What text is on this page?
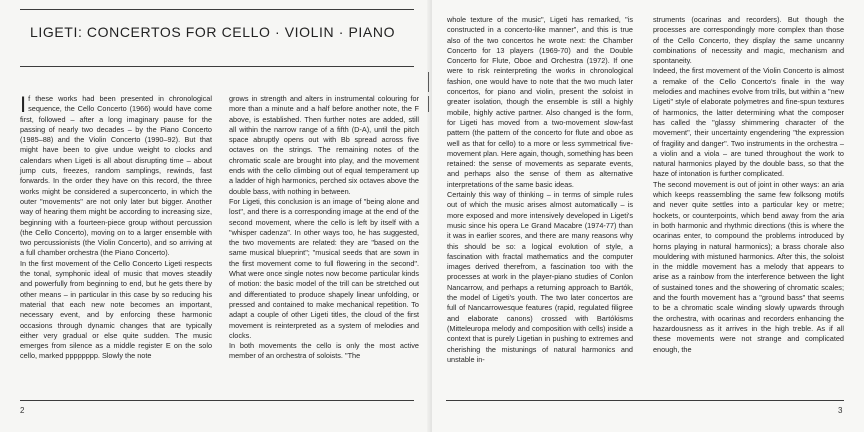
LIGETI: CONCERTOS FOR CELLO · VIOLIN · PIANO

If these works had been presented in chronological sequence, the Cello Concerto (1966) would have come first, followed – after a long imaginary pause for the passing of nearly two decades – by the Piano Concerto (1985–88) and the Violin Concerto (1990–92). But that might have been to give undue weight to clocks and calendars when Ligeti is all about disrupting time – about jump cuts, freezes, random samplings, rewinds, fast forwards. In the order they have on this record, the three works might be considered a superconcerto, in which the outer "movements" are not only later but bigger. Another way of hearing them might be according to increasing size, beginning with a fourteen-piece group without percussion (the Cello Concerto), moving on to a larger ensemble with two percussionists (the Violin Concerto), and so arriving at a full chamber orchestra (the Piano Concerto).

In the first movement of the Cello Concerto Ligeti respects the tonal, symphonic ideal of music that moves steadily and powerfully from beginning to end, but he gets there by other means – in particular in this case by so reducing his material that each new note becomes an important, necessary event, and by enforcing these harmonic occasions through dynamic changes that are typically either very gradual or else quite sudden. The music emerges from silence as a middle register E on the solo cello, marked pppppppp. Slowly the note

grows in strength and alters in instrumental colouring for more than a minute and a half before another note, the F above, is established. Then further notes are added, still all within the narrow range of a fifth (D-A), until the pitch space abruptly opens out with Bb spread across five octaves on the strings. The remaining notes of the chromatic scale are brought into play, and the movement ends with the cello climbing out of equal temperament up a ladder of high harmonics, perched six octaves above the double bass, with nothing in between.

For Ligeti, this conclusion is an image of "being alone and lost", and there is a corresponding image at the end of the second movement, where the cello is left by itself with a "whisper cadenza". In other ways too, he has suggested, the two movements are related: they are "based on the same musical blueprint"; "musical seeds that are sown in the first movement come to full flowering in the second". What were once single notes now become particular kinds of motion: the basic model of the trill can be stretched out and differentiated to produce shapely linear unfolding, or pressed and contained to make mechanical repetition. To adapt a couple of other Ligeti titles, the cloud of the first movement is reinterpreted as a system of melodies and clocks.

In both movements the cello is only the most active member of an orchestra of soloists. "The

2

whole texture of the music", Ligeti has remarked, "is constructed in a concerto-like manner", and this is true also of the two concertos he wrote next: the Chamber Concerto for 13 players (1969-70) and the Double Concerto for Flute, Oboe and Orchestra (1972). If one were to risk reinterpreting the works in chronological fashion, one would have to note that the two much later concertos, for piano and violin, present the soloist in greater isolation, though the ensemble is still a highly mobile, highly active partner. Also changed is the form, for Ligeti has moved from a two-movement slow-fast pattern (the pattern of the concerto for flute and oboe as well as that for cello) to a more or less symmetrical five-movement plan. Here again, though, something has been retained: the sense of movements as separate events, and perhaps also the sense of them as alternative interpretations of the same basic ideas.

Certainly this way of thinking – in terms of simple rules out of which the music arises almost automatically – is more exposed and more intensively developed in Ligeti's music since his opera Le Grand Macabre (1974-77) than it was in earlier scores, and there are many reasons why this should be so: a logical evolution of style, a fascination with fractal mathematics and the computer images derived therefrom, a fascination too with the processes at work in the player-piano studies of Conlon Nancarrow, and perhaps a returning approach to Bartók, the model of Ligeti's youth. The two later concertos are full of Nancarrowesque features (rapid, regulated filigree and elaborate canons) crossed with Bartókisms (Mitteleuropa melody and composition with cells) inside a context that is purely Ligetian in pushing to extremes and cherishing the mistunings of natural harmonics and unstable in-

struments (ocarinas and recorders). But though the processes are correspondingly more complex than those of the Cello Concerto, they display the same uncanny combinations of necessity and magic, mechanism and spontaneity.

Indeed, the first movement of the Violin Concerto is almost a remake of the Cello Concerto's finale in the way melodies and machines evolve from trills, but within a "new Ligeti" style of elaborate polymetres and fine-spun textures of harmonics, the latter determining what the composer has called the "glassy shimmering character of the movement", their uncertainty engendering "the expression of fragility and danger". Two instruments in the orchestra – a violin and a viola – are tuned throughout the work to natural harmonics played by the double bass, so that the haze of intonation is further complicated.

The second movement is out of joint in other ways: an aria which keeps reassembling the same few folksong motifs and never quite settles into a particular key or metre; hockets, or counterpoints, which bend away from the aria in both harmonic and rhythmic directions (this is where the ocarinas enter, to compound the problems introduced by horns playing in natural harmonics); a brass chorale also mouldering with mistuned harmonics. After this, the soloist in the middle movement has a melody that appears to arise as a rainbow from the interference between the light of sustained tones and the showering of chromatic scales; and the fourth movement has a "ground bass" that seems to be a chromatic scale winding slowly upwards through the orchestra, with ocarinas and recorders enhancing the hazardousness as it arrives in the high treble. As if all these movements were not strange and complicated enough, the

3
